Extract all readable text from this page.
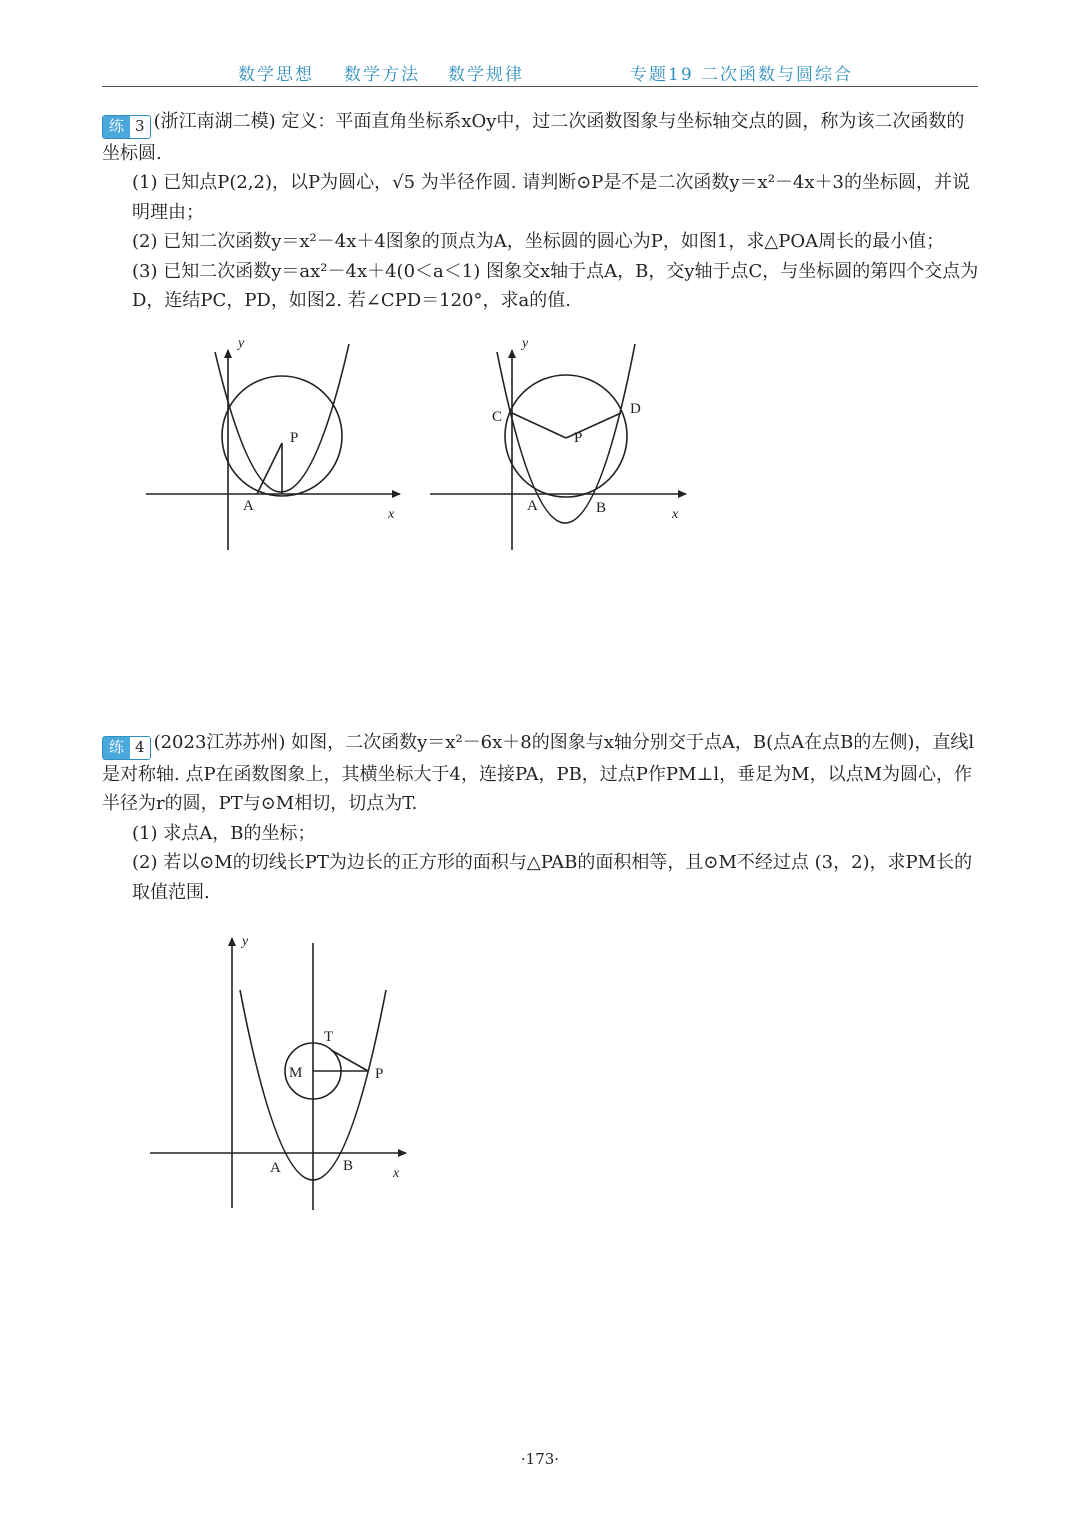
数学思想 数学方法 数学规律	专题19 二次函数与圆综合

练 3 (浙江南湖二模) 定义：平面直角坐标系xOy中，过二次函数图象与坐标轴交点的圆，称为该二次函数的坐标圆.

(1) 已知点P(2,2)，以P为圆心，√5 为半径作圆. 请判断⊙P是不是二次函数y＝x²－4x＋3的坐标圆，并说明理由；

(2) 已知二次函数y＝x²－4x＋4图象的顶点为A，坐标圆的圆心为P，如图1，求△POA周长的最小值；

(3) 已知二次函数y＝ax²－4x＋4(0＜a＜1) 图象交x轴于点A，B，交y轴于点C，与坐标圆的第四个交点为D，连结PC，PD，如图2. 若∠CPD＝120°，求a的值.

y
x
A
P
y
x
C	D
P
A	B

练 4 (2023江苏苏州) 如图，二次函数y＝x²－6x＋8的图象与x轴分别交于点A，B(点A在点B的左侧)，直线l是对称轴. 点P在函数图象上，其横坐标大于4，连接PA，PB，过点P作PM⊥l，垂足为M，以点M为圆心，作半径为r的圆，PT与⊙M相切，切点为T.

(1) 求点A，B的坐标；

(2) 若以⊙M的切线长PT为边长的正方形的面积与△PAB的面积相等，且⊙M不经过点 (3，2)，求PM长的取值范围.

y
x
T
M	P
A	B
·173·
